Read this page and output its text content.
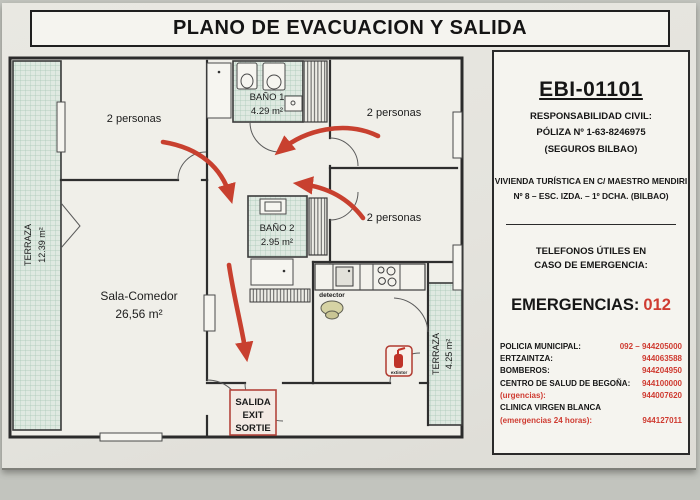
PLANO DE EVACUACION Y SALIDA
TERRAZA 12.39 m²
TERRAZA 4.25 m²
BAÑO 1
4.29 m²
BAÑO 2
2.95 m²
2 personas	2 personas
2 personas
Sala-Comedor
26,56 m²
detector
extintor
SALIDA
EXIT
SORTIE
EBI-01101
RESPONSABILIDAD CIVIL:
PÓLIZA Nº 1-63-8246975
(SEGUROS BILBAO)
VIVIENDA TURÍSTICA EN C/ MAESTRO MENDIRI
Nº 8 – ESC. IZDA. – 1º DCHA. (BILBAO)
TELEFONOS ÚTILES EN
CASO DE EMERGENCIA:
EMERGENCIAS: 012
POLICIA MUNICIPAL:	092 – 944205000
ERTZAINTZA:	944063588
BOMBEROS:	944204950
CENTRO DE SALUD DE BEGOÑA: 944100000
(urgencias):	944007620
CLINICA VIRGEN BLANCA
(emergencias 24 horas):	944127011
